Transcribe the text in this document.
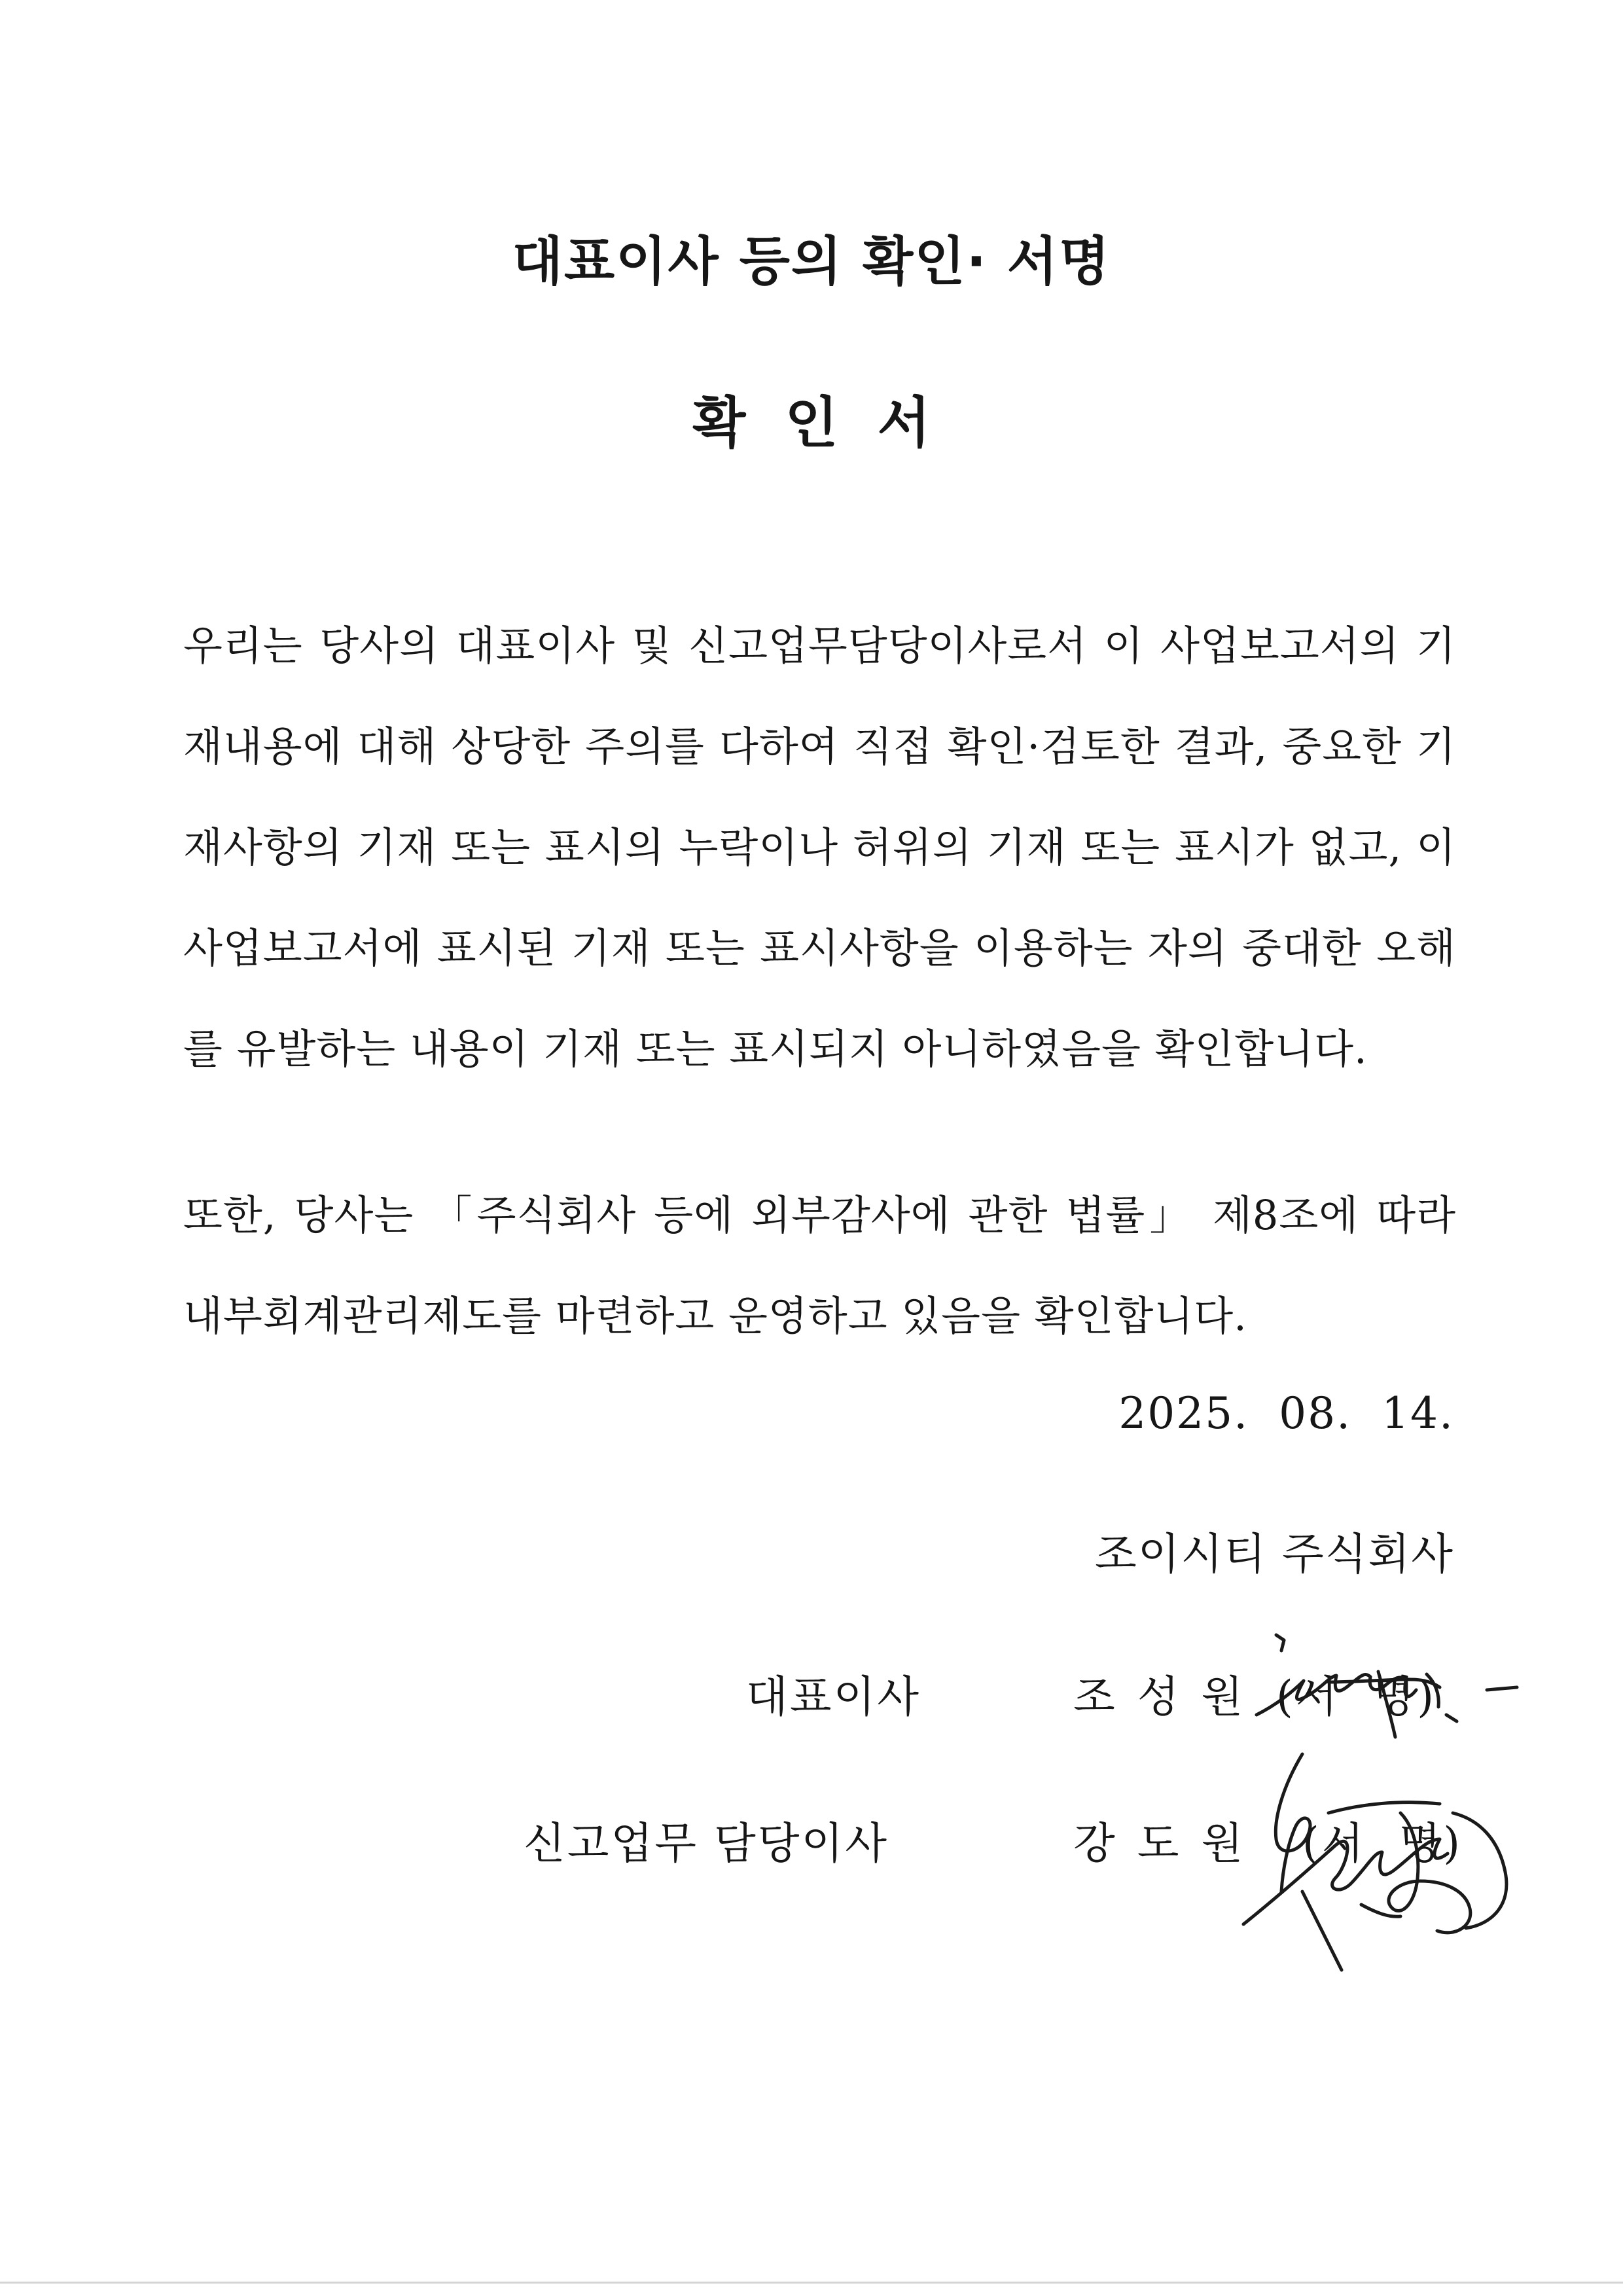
대표이사 등의 확인· 서명
확인서

우리는 당사의 대표이사 및 신고업무담당이사로서 이 사업보고서의 기재내용에 대해 상당한 주의를 다하여 직접 확인·검토한 결과, 중요한 기재사항의 기재 또는 표시의 누락이나 허위의 기재 또는 표시가 없고, 이 사업보고서에 표시된 기재 또는 표시사항을 이용하는 자의 중대한 오해를 유발하는 내용이 기재 또는 표시되지 아니하였음을 확인합니다.

또한, 당사는 「주식회사 등에 외부감사에 관한 법률」 제8조에 따라 내부회계관리제도를 마련하고 운영하고 있음을 확인합니다.

2025.  08.  14.
조이시티 주식회사
대표이사	조성원 (서  명)
신고업무 담당이사	강도원 (서  명)
